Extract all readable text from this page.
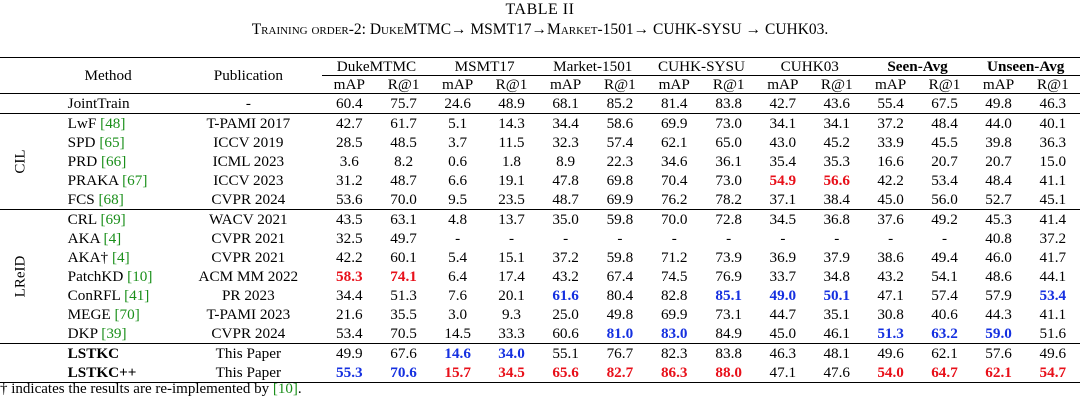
TABLE II
Training order-2: DukeMTMC→ MSMT17→Market-1501→ CUHK-SYSU → CUHK03.
	Method	Publication	DukeMTMC		MSMT17		Market-1501		CUHK-SYSU		CUHK03		Seen-Avg		Unseen-Avg	
			mAP	R@1	mAP	R@1	mAP	R@1	mAP	R@1	mAP	R@1	mAP	R@1	mAP	R@1
	JointTrain	-	60.4	75.7	24.6	48.9	68.1	85.2	81.4	83.8	42.7	43.6	55.4	67.5	49.8	46.3
CIL	LwF [48]	T-PAMI 2017	42.7	61.7	5.1	14.3	34.4	58.6	69.9	73.0	34.1	34.1	37.2	48.4	44.0	40.1
	SPD [65]	ICCV 2019	28.5	48.5	3.7	11.5	32.3	57.4	62.1	65.0	43.0	45.2	33.9	45.5	39.8	36.3
	PRD [66]	ICML 2023	3.6	8.2	0.6	1.8	8.9	22.3	34.6	36.1	35.4	35.3	16.6	20.7	20.7	15.0
	PRAKA [67]	ICCV 2023	31.2	48.7	6.6	19.1	47.8	69.8	70.4	73.0	54.9	56.6	42.2	53.4	48.4	41.1
	FCS [68]	CVPR 2024	53.6	70.0	9.5	23.5	48.7	69.9	76.2	78.2	37.1	38.4	45.0	56.0	52.7	45.1
LReID	CRL [69]	WACV 2021	43.5	63.1	4.8	13.7	35.0	59.8	70.0	72.8	34.5	36.8	37.6	49.2	45.3	41.4
	AKA [4]	CVPR 2021	32.5	49.7	-	-	-	-	-	-	-	-	-	-	40.8	37.2
	AKA† [4]	CVPR 2021	42.2	60.1	5.4	15.1	37.2	59.8	71.2	73.9	36.9	37.9	38.6	49.4	46.0	41.7
	PatchKD [10]	ACM MM 2022	58.3	74.1	6.4	17.4	43.2	67.4	74.5	76.9	33.7	34.8	43.2	54.1	48.6	44.1
	ConRFL [41]	PR 2023	34.4	51.3	7.6	20.1	61.6	80.4	82.8	85.1	49.0	50.1	47.1	57.4	57.9	53.4
	MEGE [70]	T-PAMI 2023	21.6	35.5	3.0	9.3	25.0	49.8	69.9	73.1	44.7	35.1	30.8	40.6	44.3	41.1
	DKP [39]	CVPR 2024	53.4	70.5	14.5	33.3	60.6	81.0	83.0	84.9	45.0	46.1	51.3	63.2	59.0	51.6
	LSTKC	This Paper	49.9	67.6	14.6	34.0	55.1	76.7	82.3	83.8	46.3	48.1	49.6	62.1	57.6	49.6
	LSTKC++	This Paper	55.3	70.6	15.7	34.5	65.6	82.7	86.3	88.0	47.1	47.6	54.0	64.7	62.1	54.7
† indicates the results are re-implemented by [10].
